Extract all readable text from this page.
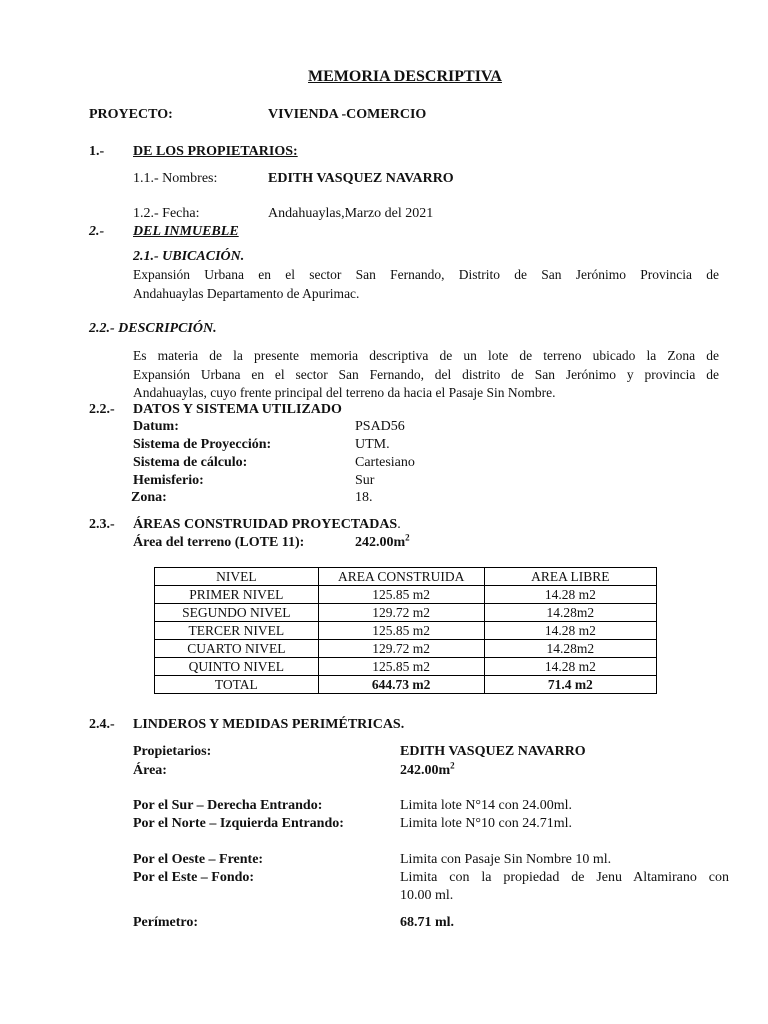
MEMORIA DESCRIPTIVA
PROYECTO:	VIVIENDA -COMERCIO
1.- DE LOS PROPIETARIOS:
1.1.- Nombres:	EDITH VASQUEZ NAVARRO
1.2.- Fecha:	Andahuaylas,Marzo del 2021
2.- DEL INMUEBLE
2.1.- UBICACIÓN.
Expansión Urbana en el sector San Fernando, Distrito de San Jerónimo Provincia de
Andahuaylas Departamento de Apurimac.
2.2.- DESCRIPCIÓN.
Es materia de la presente memoria descriptiva de un lote de terreno ubicado la Zona de
Expansión Urbana en el sector San Fernando, del distrito de San Jerónimo y provincia de
Andahuaylas, cuyo frente principal del terreno da hacia el Pasaje Sin Nombre.
2.2.- DATOS Y SISTEMA UTILIZADO
Datum:	PSAD56
Sistema de Proyección:	UTM.
Sistema de cálculo:	Cartesiano
Hemisferio:	Sur
Zona:	18.
2.3.- ÁREAS CONSTRUIDAD PROYECTADAS.
Área del terreno (LOTE 11):	$242.00m^2$
NIVEL	AREA CONSTRUIDA	AREA LIBRE
PRIMER NIVEL	125.85 m2	14.28 m2
SEGUNDO NIVEL	129.72 m2	14.28m2
TERCER NIVEL	125.85 m2	14.28 m2
CUARTO NIVEL	129.72 m2	14.28m2
QUINTO NIVEL	125.85 m2	14.28 m2
TOTAL	644.73 m2	71.4 m2
2.4.- LINDEROS Y MEDIDAS PERIMÉTRICAS.
Propietarios:	EDITH VASQUEZ NAVARRO
Área:	$242.00m^2$
Por el Sur – Derecha Entrando:	Limita lote N°14 con 24.00ml.
Por el Norte – Izquierda Entrando:	Limita lote N°10 con 24.71ml.
Por el Oeste – Frente:	Limita con Pasaje Sin Nombre 10 ml.
Por el Este – Fondo:	Limita con la propiedad de Jenu Altamirano con
10.00 ml.
Perímetro:	68.71 ml.
